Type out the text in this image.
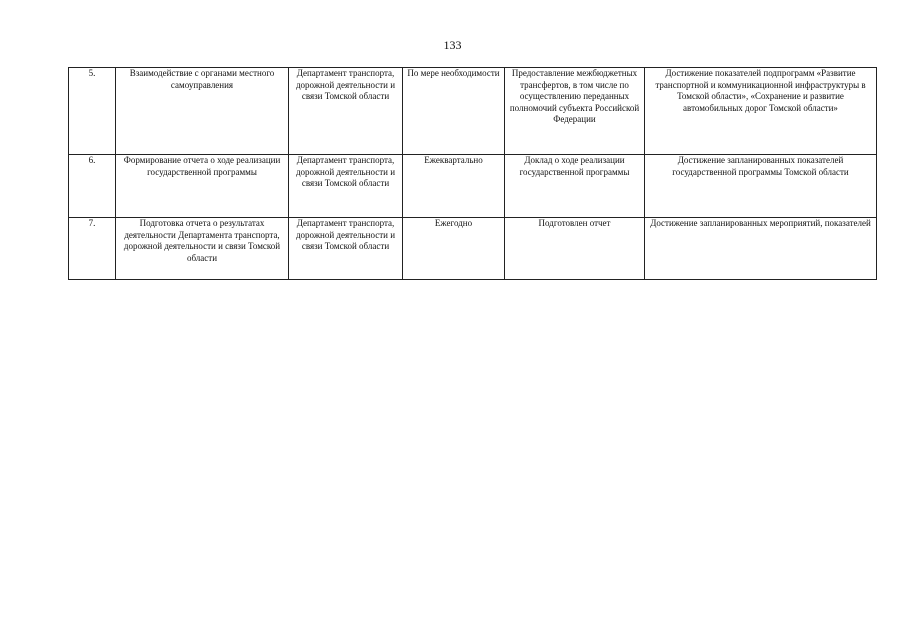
133
5.	Взаимодействие с органами местного самоуправления	Департамент транспорта, дорожной деятельности и связи Томской области	По мере необходимости	Предоставление межбюджетных трансфертов, в том числе по осуществлению переданных полномочий субъекта Российской Федерации	Достижение показателей подпрограмм «Развитие транспортной и коммуникационной инфраструктуры в Томской области», «Сохранение и развитие автомобильных дорог Томской области»
6.	Формирование отчета о ходе реализации государственной программы	Департамент транспорта, дорожной деятельности и связи Томской области	Ежеквартально	Доклад о ходе реализации государственной программы	Достижение запланированных показателей государственной программы Томской области
7.	Подготовка отчета о результатах деятельности Департамента транспорта, дорожной деятельности и связи Томской области	Департамент транспорта, дорожной деятельности и связи Томской области	Ежегодно	Подготовлен отчет	Достижение запланированных мероприятий, показателей
